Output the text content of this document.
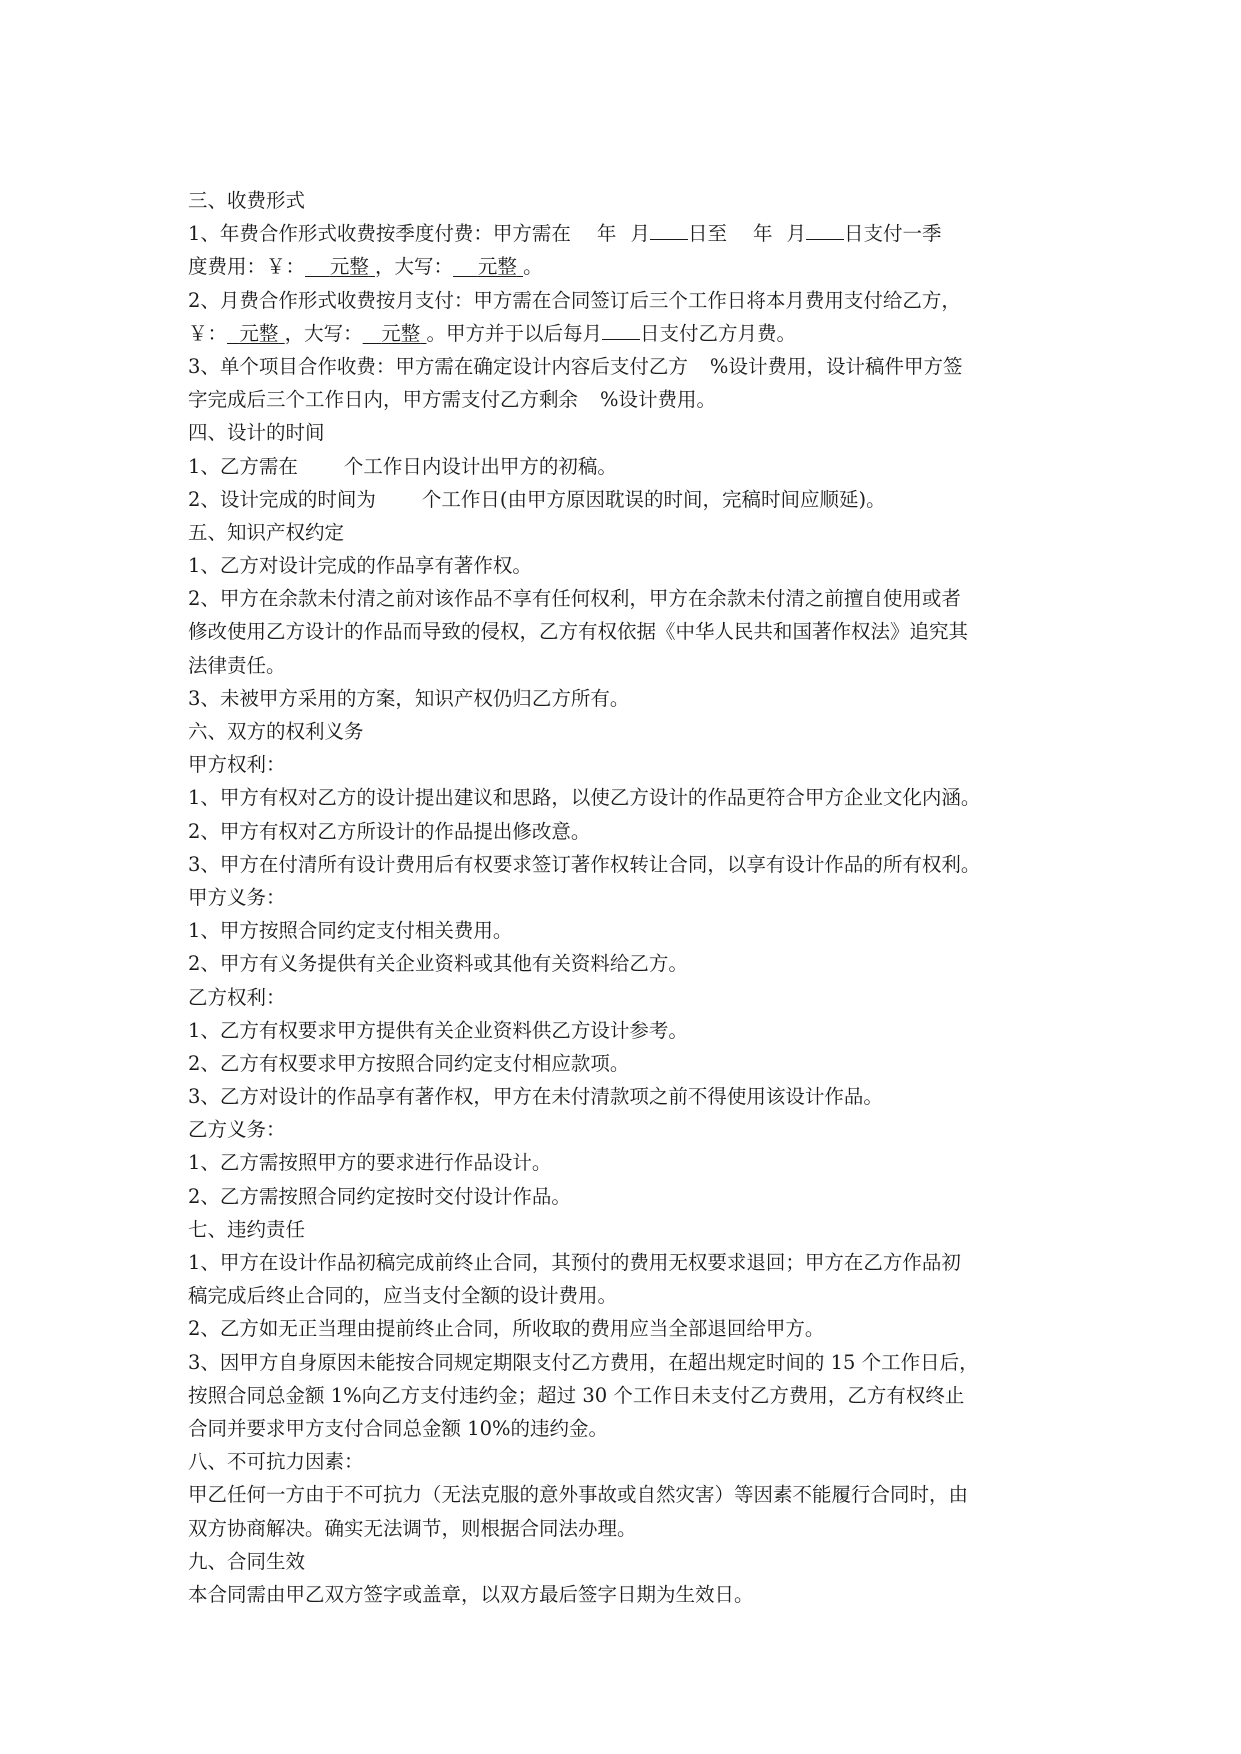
三、收费形式
1、年费合作形式收费按季度付费：甲方需在 年 月 日至 年 月 日支付一季
度费用：￥： 元整 ，大写： 元整 。
2、月费合作形式收费按月支付：甲方需在合同签订后三个工作日将本月费用支付给乙方，
￥： 元整 ，大写： 元整 。甲方并于以后每月 日支付乙方月费。
3、单个项目合作收费：甲方需在确定设计内容后支付乙方 %设计费用，设计稿件甲方签
字完成后三个工作日内，甲方需支付乙方剩余 %设计费用。
四、设计的时间
1、乙方需在 个工作日内设计出甲方的初稿。
2、设计完成的时间为 个工作日(由甲方原因耽误的时间，完稿时间应顺延)。
五、知识产权约定
1、乙方对设计完成的作品享有著作权。
2、甲方在余款未付清之前对该作品不享有任何权利，甲方在余款未付清之前擅自使用或者
修改使用乙方设计的作品而导致的侵权，乙方有权依据《中华人民共和国著作权法》追究其
法律责任。
3、未被甲方采用的方案，知识产权仍归乙方所有。
六、双方的权利义务
甲方权利：
1、甲方有权对乙方的设计提出建议和思路，以使乙方设计的作品更符合甲方企业文化内涵。
2、甲方有权对乙方所设计的作品提出修改意。
3、甲方在付清所有设计费用后有权要求签订著作权转让合同，以享有设计作品的所有权利。
甲方义务：
1、甲方按照合同约定支付相关费用。
2、甲方有义务提供有关企业资料或其他有关资料给乙方。
乙方权利：
1、乙方有权要求甲方提供有关企业资料供乙方设计参考。
2、乙方有权要求甲方按照合同约定支付相应款项。
3、乙方对设计的作品享有著作权，甲方在未付清款项之前不得使用该设计作品。
乙方义务：
1、乙方需按照甲方的要求进行作品设计。
2、乙方需按照合同约定按时交付设计作品。
七、违约责任
1、甲方在设计作品初稿完成前终止合同，其预付的费用无权要求退回；甲方在乙方作品初
稿完成后终止合同的，应当支付全额的设计费用。
2、乙方如无正当理由提前终止合同，所收取的费用应当全部退回给甲方。
3、因甲方自身原因未能按合同规定期限支付乙方费用，在超出规定时间的 15 个工作日后，
按照合同总金额 1%向乙方支付违约金；超过 30 个工作日未支付乙方费用，乙方有权终止
合同并要求甲方支付合同总金额 10%的违约金。
八、不可抗力因素：
甲乙任何一方由于不可抗力（无法克服的意外事故或自然灾害）等因素不能履行合同时，由
双方协商解决。确实无法调节，则根据合同法办理。
九、合同生效
本合同需由甲乙双方签字或盖章，以双方最后签字日期为生效日。
